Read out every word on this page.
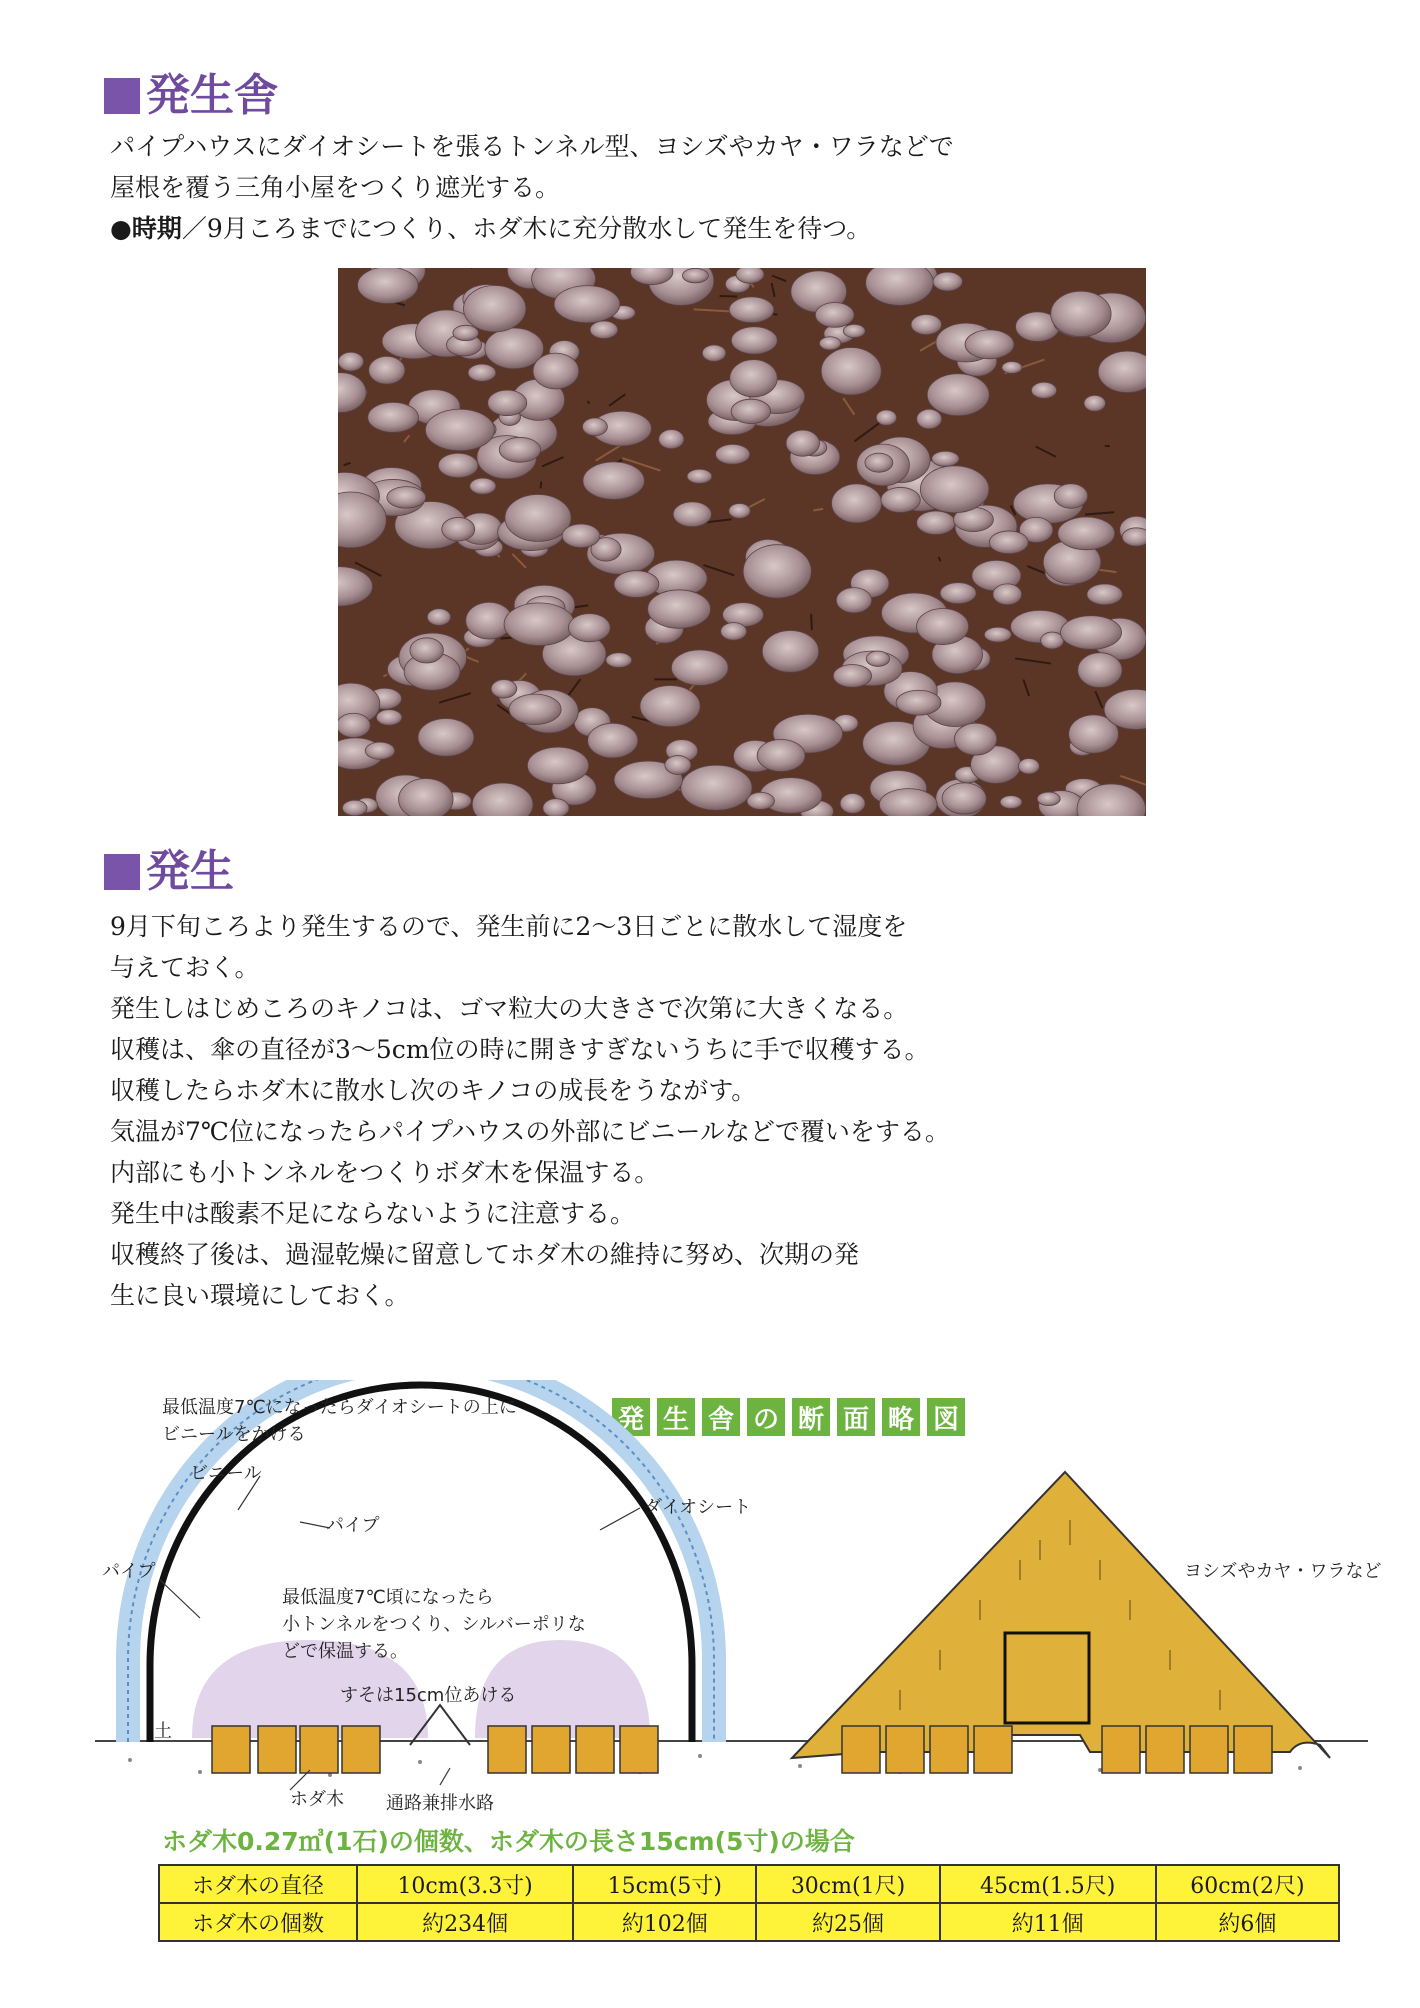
発生舎
パイプハウスにダイオシートを張るトンネル型、ヨシズやカヤ・ワラなどで
屋根を覆う三角小屋をつくり遮光する。
●時期／9月ころまでにつくり、ホダ木に充分散水して発生を待つ。
発生
9月下旬ころより発生するので、発生前に2〜3日ごとに散水して湿度を
与えておく。
発生しはじめころのキノコは、ゴマ粒大の大きさで次第に大きくなる。
収穫は、傘の直径が3〜5cm位の時に開きすぎないうちに手で収穫する。
収穫したらホダ木に散水し次のキノコの成長をうながす。
気温が7℃位になったらパイプハウスの外部にビニールなどで覆いをする。
内部にも小トンネルをつくりボダ木を保温する。
発生中は酸素不足にならないように注意する。
収穫終了後は、過湿乾燥に留意してホダ木の維持に努め、次期の発
生に良い環境にしておく。
発 生 舎 の 断 面 略 図
最低温度7℃になったらダイオシートの上に
ビニールをかける
ビニール
パイプ
パイプ
ダイオシート
最低温度7℃頃になったら
小トンネルをつくり、シルバーポリな
どで保温する。
すそは15cm位あける
土
ホダ木 通路兼排水路
ヨシズやカヤ・ワラなど
ホダ木0.27㎥(1石)の個数、ホダ木の長さ15cm(5寸)の場合
ホダ木の直径	10cm(3.3寸)	15cm(5寸)	30cm(1尺)	45cm(1.5尺)	60cm(2尺)
ホダ木の個数	約234個	約102個	約25個	約11個	約6個
